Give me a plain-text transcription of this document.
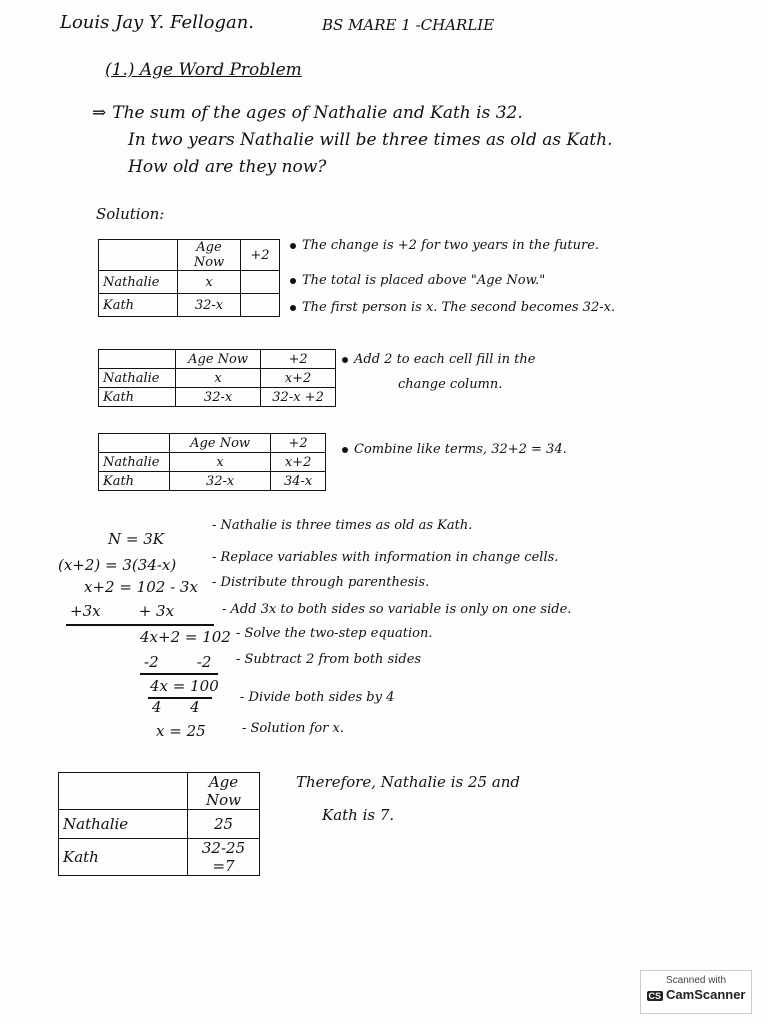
Louis Jay Y. Fellogan.	BS MARE 1 -CHARLIE
(1.) Age Word Problem
⇒ The sum of the ages of Nathalie and Kath is 32.
In two years Nathalie will be three times as old as Kath.
How old are they now?
Solution:
	Age Now	+2
Nathalie	x	
Kath	32-x	
The change is +2 for two years in the future.
The total is placed above "Age Now."
The first person is x. The second becomes 32-x.
	Age Now	+2
Nathalie	x	x+2
Kath	32-x	32-x +2
Add 2 to each cell fill in the
change column.
	Age Now	+2
Nathalie	x	x+2
Kath	32-x	34-x
Combine like terms, 32+2 = 34.
N = 3K
- Nathalie is three times as old as Kath.
(x+2) = 3(34-x)	- Replace variables with information in change cells.
x+2 = 102 - 3x - Distribute through parenthesis.
+3x        + 3x	- Add 3x to both sides so variable is only on one side.
4x+2 = 102 - Solve the two-step equation.
-2        -2 - Subtract 2 from both sides
4x = 100
4      4
- Divide both sides by 4
x = 25	- Solution for x.
	Age Now
Nathalie	25
Kath	32-25 =7
Therefore, Nathalie is 25 and
Kath is 7.
Scanned with
CS CamScanner
